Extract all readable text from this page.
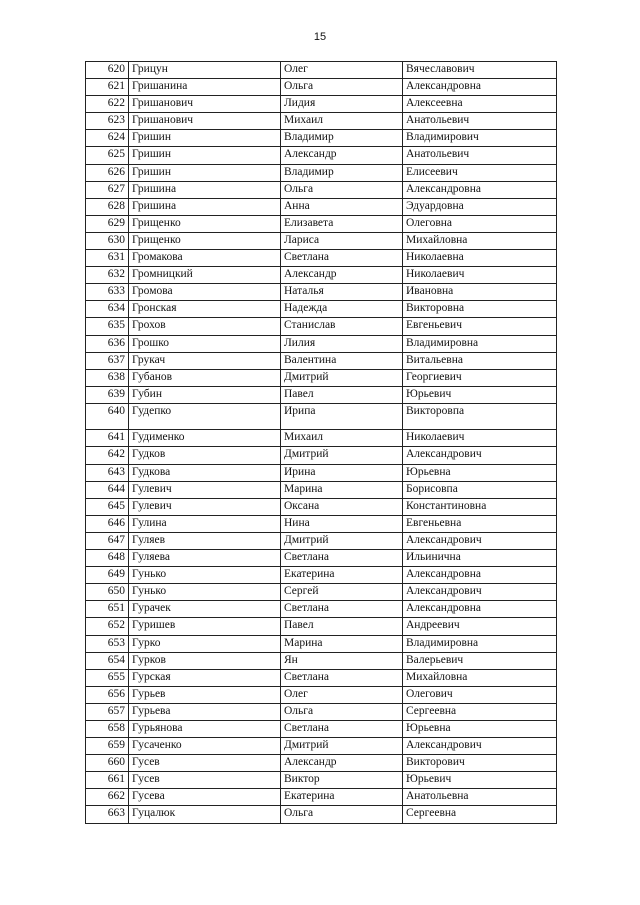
15
620	Грицун	Олег	Вячеславович
621	Гришанина	Ольга	Александровна
622	Гришанович	Лидия	Алексеевна
623	Гришанович	Михаил	Анатольевич
624	Гришин	Владимир	Владимирович
625	Гришин	Александр	Анатольевич
626	Гришин	Владимир	Елисеевич
627	Гришина	Ольга	Александровна
628	Гришина	Анна	Эдуардовна
629	Грищенко	Елизавета	Олеговна
630	Грищенко	Лариса	Михайловна
631	Громакова	Светлана	Николаевна
632	Громницкий	Александр	Николаевич
633	Громова	Наталья	Ивановна
634	Гронская	Надежда	Викторовна
635	Грохов	Станислав	Евгеньевич
636	Грошко	Лилия	Владимировна
637	Грукач	Валентина	Витальевна
638	Губанов	Дмитрий	Георгиевич
639	Губин	Павел	Юрьевич
640	Гудепко	Ирипа	Викторовпа
641	Гудименко	Михаил	Николаевич
642	Гудков	Дмитрий	Александрович
643	Гудкова	Ирина	Юрьевна
644	Гулевич	Марина	Борисовпа
645	Гулевич	Оксана	Константиновна
646	Гулина	Нина	Евгеньевна
647	Гуляев	Дмитрий	Александрович
648	Гуляева	Светлана	Ильинична
649	Гунько	Екатерина	Александровна
650	Гунько	Сергей	Александрович
651	Гурачек	Светлана	Александровна
652	Гуришев	Павел	Андреевич
653	Гурко	Марина	Владимировна
654	Гурков	Ян	Валерьевич
655	Гурская	Светлана	Михайловна
656	Гурьев	Олег	Олегович
657	Гурьева	Ольга	Сергеевна
658	Гурьянова	Светлана	Юрьевна
659	Гусаченко	Дмитрий	Александрович
660	Гусев	Александр	Викторович
661	Гусев	Виктор	Юрьевич
662	Гусева	Екатерина	Анатольевна
663	Гуцалюк	Ольга	Сергеевна
